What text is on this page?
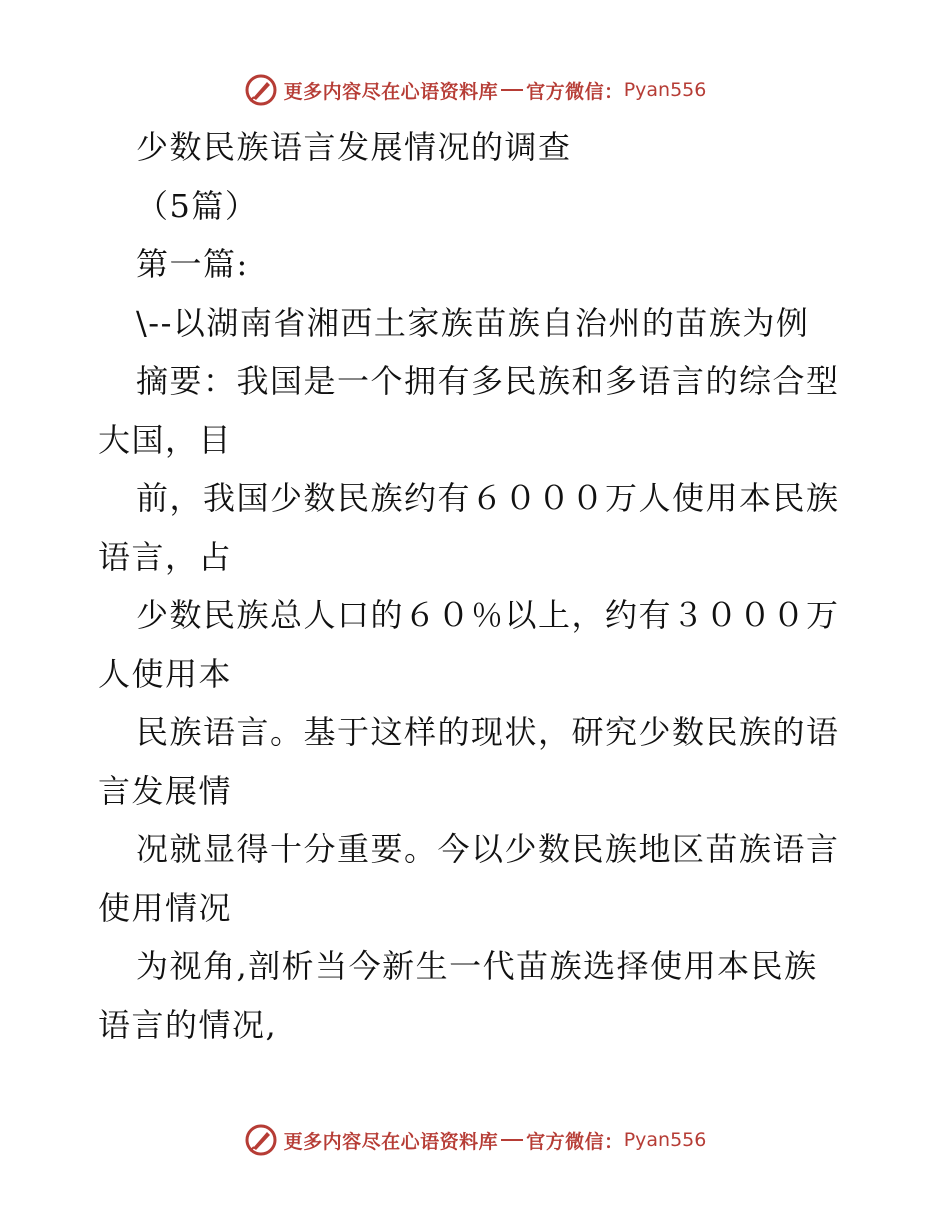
更多内容尽在心语资料库 官方微信： Pyan556
少数民族语言发展情况的调查
（5篇）
第一篇:
\--以湖南省湘西土家族苗族自治州的苗族为例
摘要：我国是一个拥有多民族和多语言的综合型
大国，目
前，我国少数民族约有６０００万人使用本民族
语言，占
少数民族总人口的６０％以上，约有３０００万
人使用本
民族语言。基于这样的现状，研究少数民族的语
言发展情
况就显得十分重要。今以少数民族地区苗族语言
使用情况
为视角,剖析当今新生一代苗族选择使用本民族
语言的情况,
更多内容尽在心语资料库 官方微信： Pyan556
